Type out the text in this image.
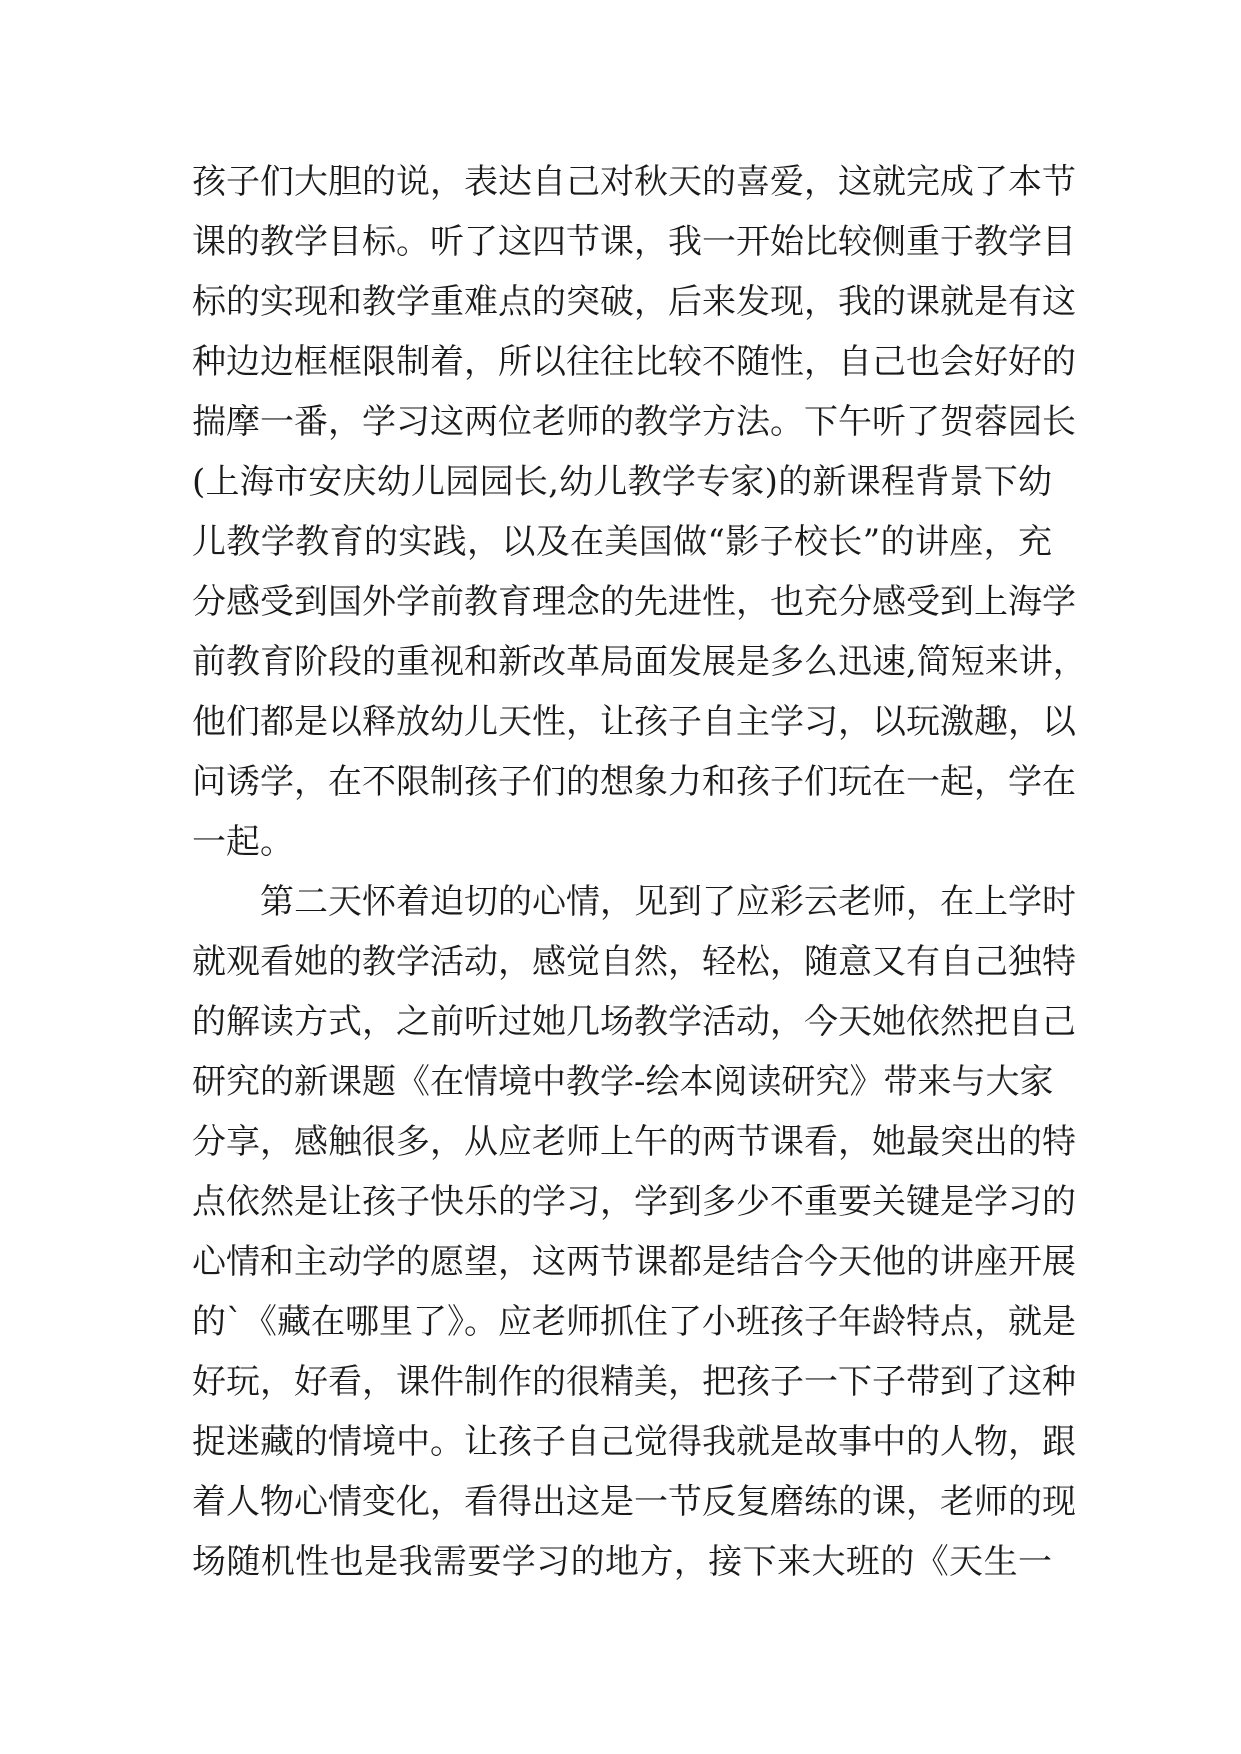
孩子们大胆的说，表达自己对秋天的喜爱，这就完成了本节
课的教学目标。听了这四节课，我一开始比较侧重于教学目
标的实现和教学重难点的突破，后来发现，我的课就是有这
种边边框框限制着，所以往往比较不随性，自己也会好好的
揣摩一番，学习这两位老师的教学方法。下午听了贺蓉园长
(上海市安庆幼儿园园长,幼儿教学专家)的新课程背景下幼
儿教学教育的实践，以及在美国做“影子校长”的讲座，充
分感受到国外学前教育理念的先进性，也充分感受到上海学
前教育阶段的重视和新改革局面发展是多么迅速,简短来讲，
他们都是以释放幼儿天性，让孩子自主学习，以玩激趣，以
问诱学，在不限制孩子们的想象力和孩子们玩在一起，学在
一起。
第二天怀着迫切的心情，见到了应彩云老师，在上学时
就观看她的教学活动，感觉自然，轻松，随意又有自己独特
的解读方式，之前听过她几场教学活动，今天她依然把自己
研究的新课题《在情境中教学-绘本阅读研究》带来与大家
分享，感触很多，从应老师上午的两节课看，她最突出的特
点依然是让孩子快乐的学习，学到多少不重要关键是学习的
心情和主动学的愿望，这两节课都是结合今天他的讲座开展
的`《藏在哪里了》。应老师抓住了小班孩子年龄特点，就是
好玩，好看，课件制作的很精美，把孩子一下子带到了这种
捉迷藏的情境中。让孩子自己觉得我就是故事中的人物，跟
着人物心情变化，看得出这是一节反复磨练的课，老师的现
场随机性也是我需要学习的地方，接下来大班的《天生一
